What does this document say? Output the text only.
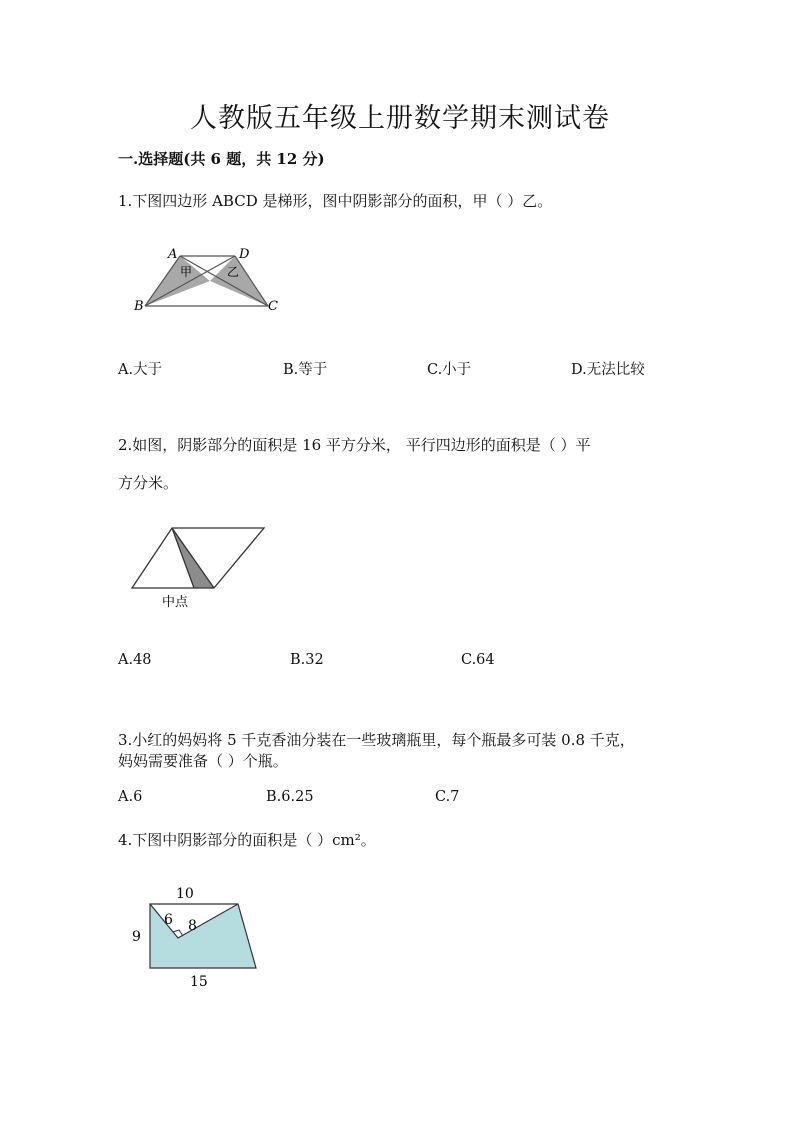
人教版五年级上册数学期末测试卷
一.选择题(共 6 题，共 12 分)
1.下图四边形 ABCD 是梯形，图中阴影部分的面积，甲（ ）乙。
A	D
B	C
甲	乙
A.大于	B.等于	C.小于	D.无法比较
2.如图，阴影部分的面积是 16 平方分米， 平行四边形的面积是（ ）平
方分米。
中点
A.48	B.32	C.64
3.小红的妈妈将 5 千克香油分装在一些玻璃瓶里，每个瓶最多可装 0.8 千克，
妈妈需要准备（ ）个瓶。
A.6	B.6.25	C.7
4.下图中阴影部分的面积是（ ）cm²。
10
6 8
9
15
